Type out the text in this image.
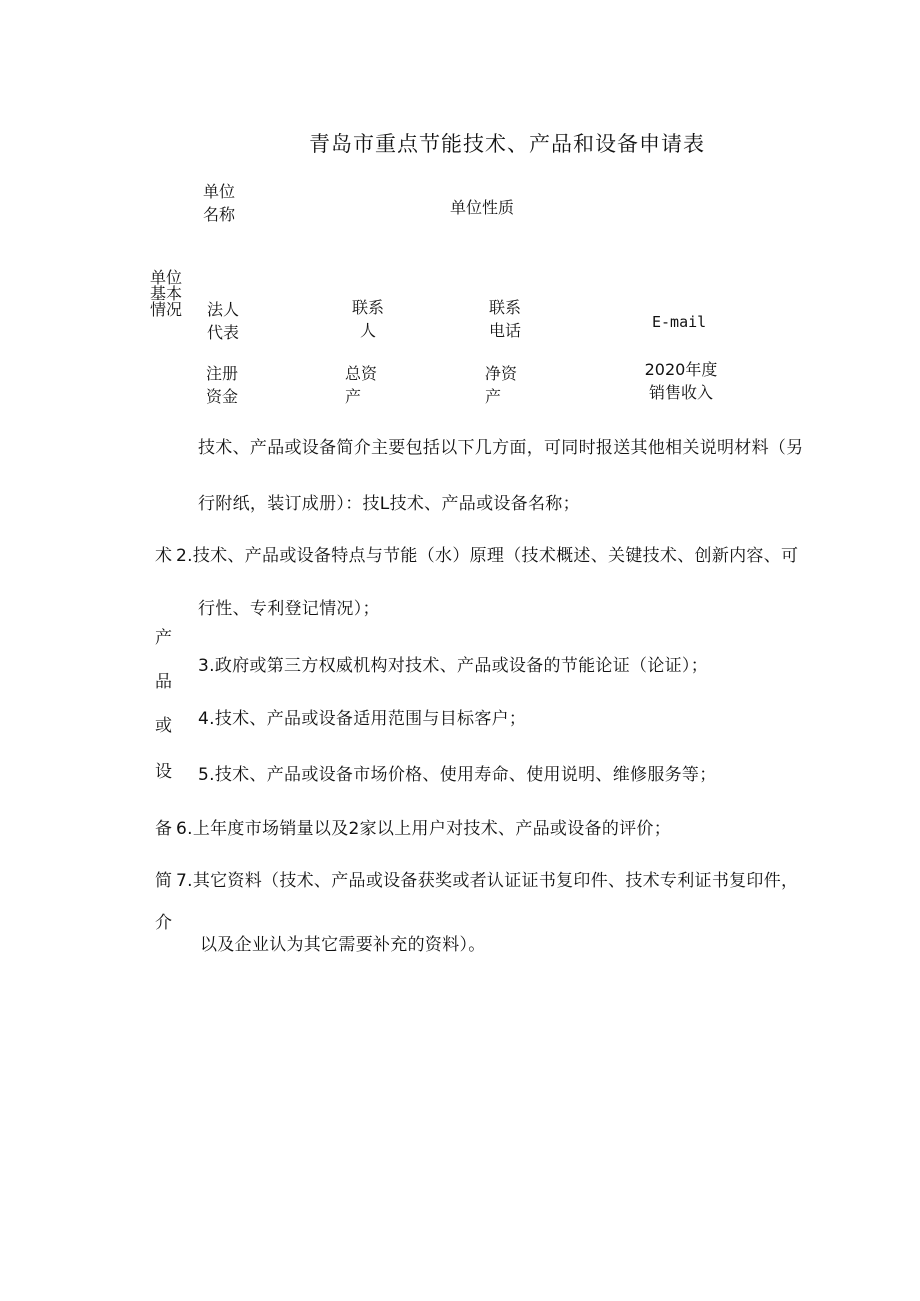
青岛市重点节能技术、产品和设备申请表
单位
基本
情况
单位
名称	单位性质
法人
代表
联系
人
联系
电话	E-mail
注册
资金
总资
产
净资
产
2020年度
销售收入
术
产
品
或
设
备
简
介
技术、产品或设备简介主要包括以下几方面，可同时报送其他相关说明材料（另
行附纸，装订成册）：技L技术、产品或设备名称；
2.技术、产品或设备特点与节能（水）原理（技术概述、关键技术、创新内容、可
行性、专利登记情况）；
3.政府或第三方权威机构对技术、产品或设备的节能论证（论证）；
4.技术、产品或设备适用范围与目标客户；
5.技术、产品或设备市场价格、使用寿命、使用说明、维修服务等；
6.上年度市场销量以及2家以上用户对技术、产品或设备的评价；
7.其它资料（技术、产品或设备获奖或者认证证书复印件、技术专利证书复印件，
以及企业认为其它需要补充的资料）。
